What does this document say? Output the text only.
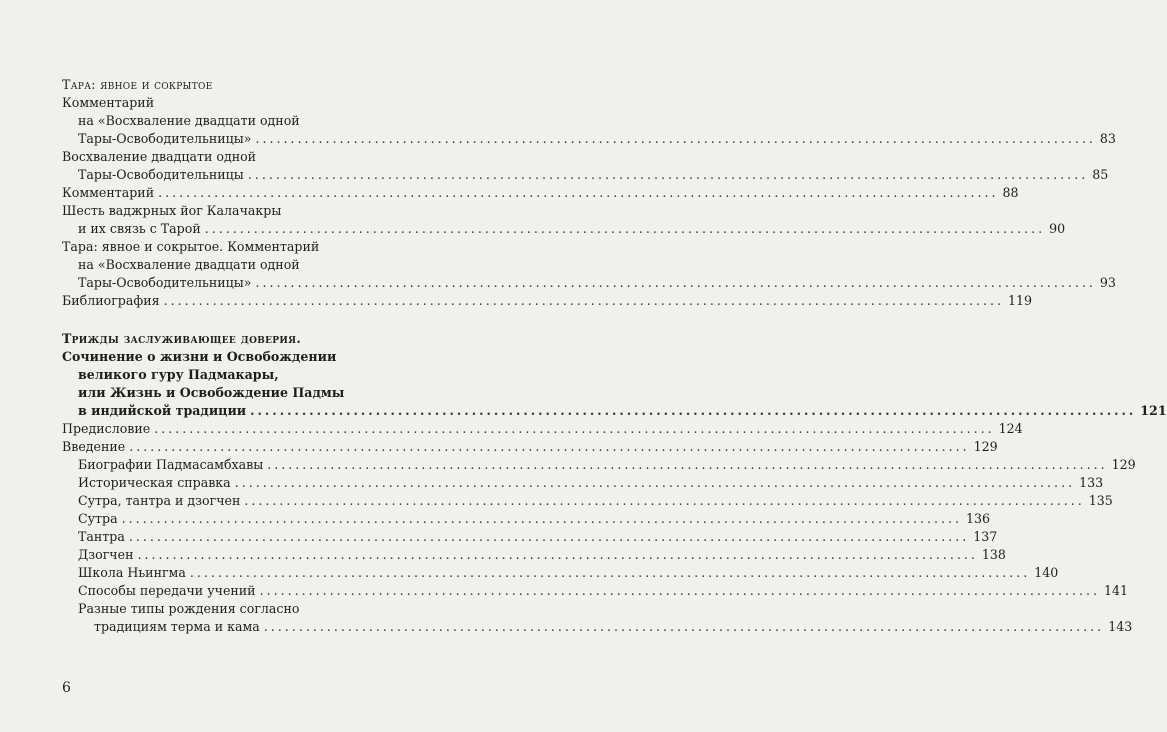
Тара: явное и сокрытое
Комментарий
на «Восхваление двадцати одной
Тары-Освободительницы» ........................................................................................................................ 83
Восхваление двадцати одной
Тары-Освободительницы ........................................................................................................................ 85
Комментарий ........................................................................................................................ 88
Шесть ваджрных йог Калачакры
и их связь с Тарой ........................................................................................................................ 90
Тара: явное и сокрытое. Комментарий
на «Восхваление двадцати одной
Тары-Освободительницы» ........................................................................................................................ 93
Библиография ........................................................................................................................ 119
Трижды заслуживающее доверия.
Сочинение о жизни и Освобождении
великого гуру Падмакары,
или Жизнь и Освобождение Падмы
в индийской традиции ........................................................................................................................ 121
Предисловие ........................................................................................................................ 124
Введение ........................................................................................................................ 129
Биографии Падмасамбхавы ........................................................................................................................ 129
Историческая справка ........................................................................................................................ 133
Сутра, тантра и дзогчен ........................................................................................................................ 135
Сутра ........................................................................................................................ 136
Тантра ........................................................................................................................ 137
Дзогчен ........................................................................................................................ 138
Школа Ньингма ........................................................................................................................ 140
Способы передачи учений ........................................................................................................................ 141
Разные типы рождения согласно
традициям терма и кама ........................................................................................................................ 143
6
